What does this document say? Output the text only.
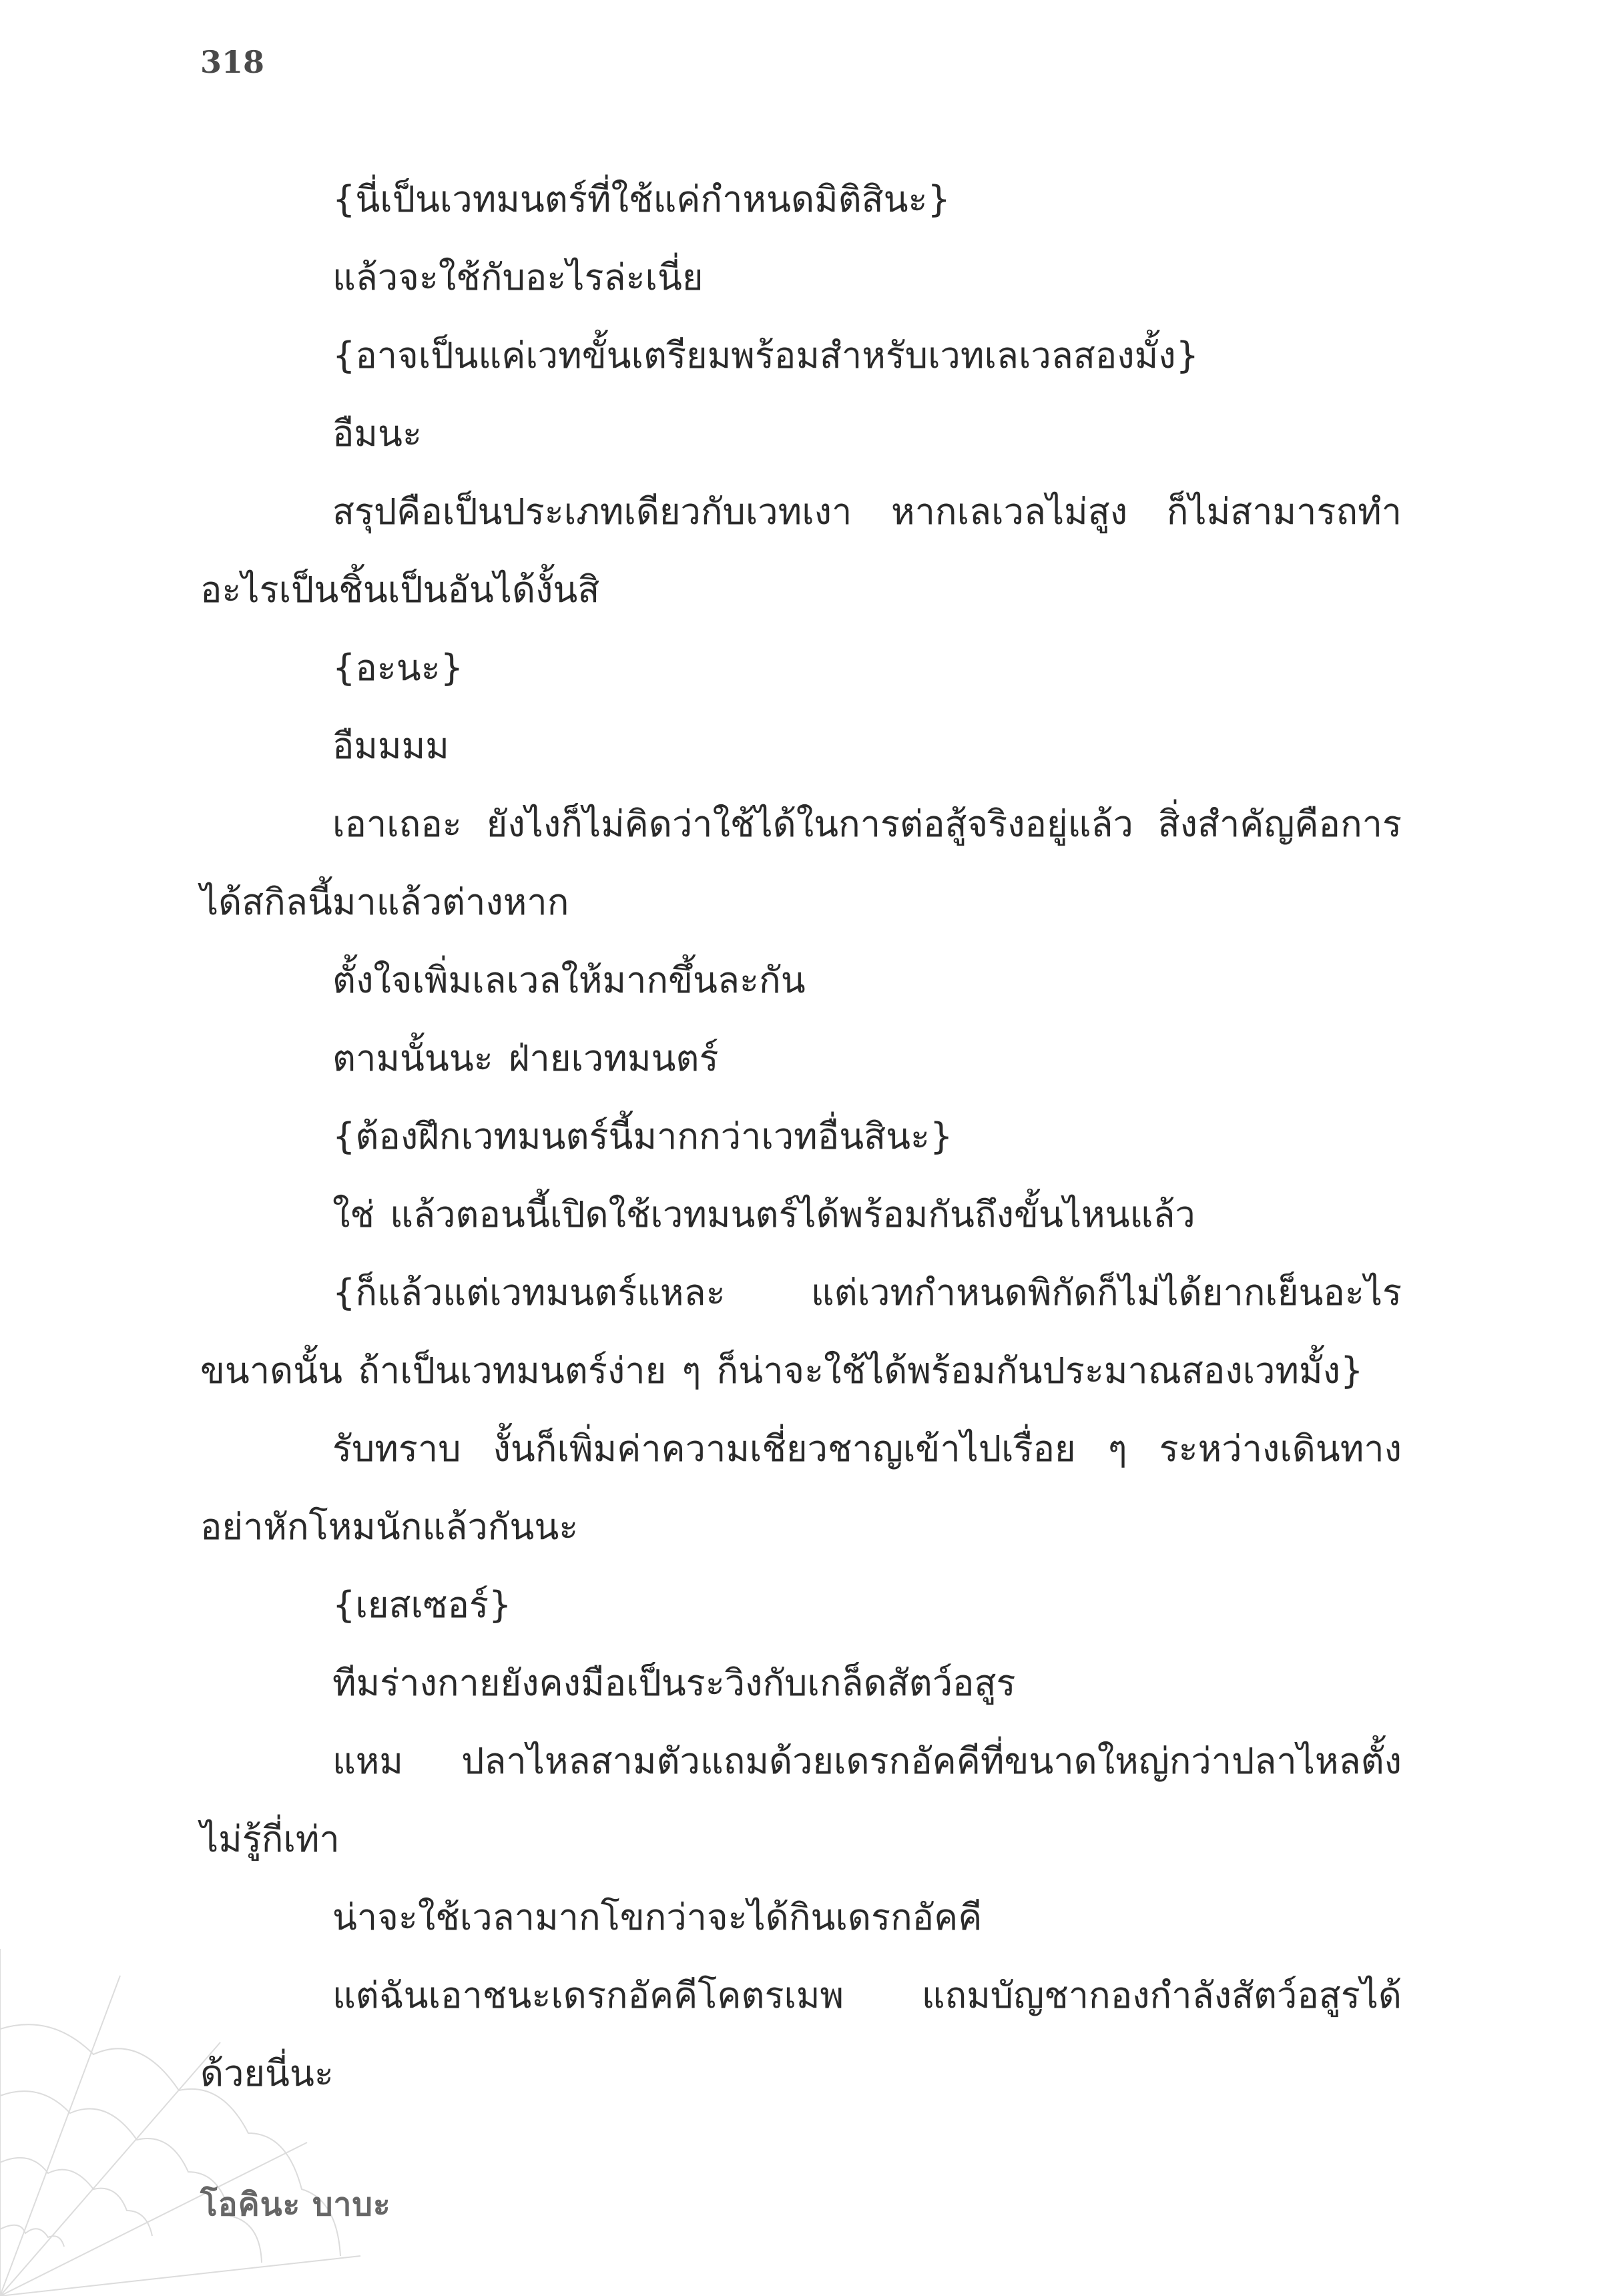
318

{นี่เป็นเวทมนตร์ที่ใช้แค่กำหนดมิติสินะ}

แล้วจะใช้กับอะไรล่ะเนี่ย

{อาจเป็นแค่เวทขั้นเตรียมพร้อมสำหรับเวทเลเวลสองมั้ง}

อืมนะ

สรุปคือเป็นประเภทเดียวกับเวทเงา หากเลเวลไม่สูง ก็ไม่สามารถทำอะไรเป็นชิ้นเป็นอันได้งั้นสิ

{อะนะ}

อืมมมม

เอาเถอะ ยังไงก็ไม่คิดว่าใช้ได้ในการต่อสู้จริงอยู่แล้ว สิ่งสำคัญคือการได้สกิลนี้มาแล้วต่างหาก

ตั้งใจเพิ่มเลเวลให้มากขึ้นละกัน

ตามนั้นนะ ฝ่ายเวทมนตร์

{ต้องฝึกเวทมนตร์นี้มากกว่าเวทอื่นสินะ}

ใช่ แล้วตอนนี้เปิดใช้เวทมนตร์ได้พร้อมกันถึงขั้นไหนแล้ว

{ก็แล้วแต่เวทมนตร์แหละ แต่เวทกำหนดพิกัดก็ไม่ได้ยากเย็นอะไรขนาดนั้น ถ้าเป็นเวทมนตร์ง่าย ๆ ก็น่าจะใช้ได้พร้อมกันประมาณสองเวทมั้ง}

รับทราบ งั้นก็เพิ่มค่าความเชี่ยวชาญเข้าไปเรื่อย ๆ ระหว่างเดินทาง อย่าหักโหมนักแล้วกันนะ

{เยสเซอร์}

ทีมร่างกายยังคงมือเป็นระวิงกับเกล็ดสัตว์อสูร

แหม ปลาไหลสามตัวแถมด้วยเดรกอัคคีที่ขนาดใหญ่กว่าปลาไหลตั้งไม่รู้กี่เท่า

น่าจะใช้เวลามากโขกว่าจะได้กินเดรกอัคคี

แต่ฉันเอาชนะเดรกอัคคีโคตรเมพ แถมบัญชากองกำลังสัตว์อสูรได้ด้วยนี่นะ

โอคินะ บาบะ
